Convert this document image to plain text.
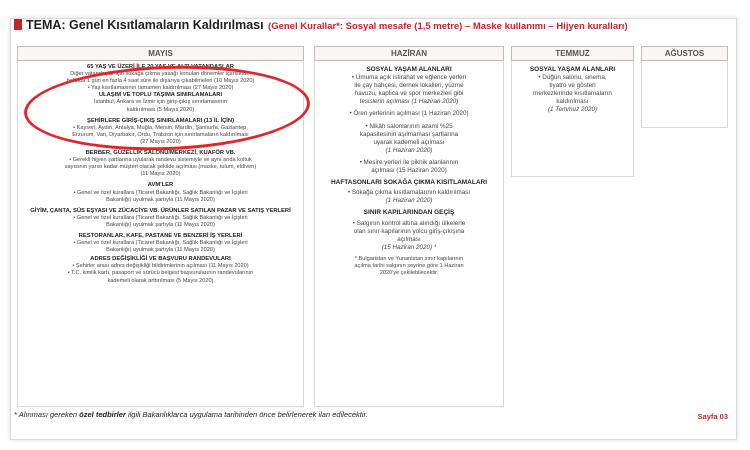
TEMA: Genel Kısıtlamaların Kaldırılması (Genel Kurallar*: Sosyal mesafe (1,5 metre) – Maske kullanımı – Hijyen kuralları)
MAYIS
65 YAŞ VE ÜZERİ İLE 20 YAŞ VE ALTI VATANDAŞLAR
Diğer vatandaşlar için sokağa çıkma yasağı konulan dönemler içerisinde,
haftada 1 gün en fazla 4 saat süre ile dışarıya çıkabilmeleri (10 Mayıs 2020)
• Yaş kısıtlamasının tamamen kaldırılması (27 Mayıs 2020)
ULAŞIM VE TOPLU TAŞIMA SINIRLAMALARI
İstanbul, Ankara ve İzmir için giriş-çıkış sınırlamasının
kaldırılması (5 Mayıs 2020)
ŞEHİRLERE GİRİŞ-ÇIKIŞ SINIRLAMALARI (13 İL İÇİN)
• Kayseri, Aydın, Antalya, Muğla, Mersin, Mardin, Şanlıurfa, Gaziantep,
Erzurum, Van, Diyarbakır, Ordu, Trabzon için sınırlamaların kaldırılması
(27 Mayıs 2020)
BERBER, GÜZELLİK SALONU/MERKEZİ, KUAFÖR VB.
• Gerekli hijyen şartlarına uyularak randevu sistemiyle ve aynı anda koltuk
sayısının yarısı kadar müşteri olacak şekilde açılması (maske, tulum, eldiven)
(11 Mayıs 2020)
AVM'LER
• Genel ve özel kurallara (Ticaret Bakanlığı, Sağlık Bakanlığı ve İçişleri
Bakanlığı) uyulmak şartıyla (11 Mayıs 2020)
GİYİM, ÇANTA, SÜS EŞYASI VE ZÜCACİYE VB. ÜRÜNLER SATILAN PAZAR VE SATIŞ YERLERİ
• Genel ve özel kurallara (Ticaret Bakanlığı, Sağlık Bakanlığı ve İçişleri
Bakanlığı) uyulmak şartıyla (11 Mayıs 2020)
RESTORANLAR, KAFE, PASTANE VE BENZERİ İŞ YERLERİ
• Genel ve özel kurallara (Ticaret Bakanlığı, Sağlık Bakanlığı ve İçişleri
Bakanlığı) uyulmak şartıyla (11 Mayıs 2020)
ADRES DEĞİŞİKLİĞİ VE BAŞVURU RANDEVULARI
• Şehirler arası adres değişikliği bildirimlerinin açılması (11 Mayıs 2020)
• T.C. kimlik kartı, pasaport ve sürücü belgesi başvurularının randevularının
kademeli olarak arttırılması (5 Mayıs 2020)
HAZİRAN
SOSYAL YAŞAM ALANLARI
• Umuma açık istirahat ve eğlence yerleri
ile çay bahçesi, dernek lokalleri, yüzme
havuzu, kaplıca ve spor merkezleri gibi
tesislerin açılması (1 Haziran 2020)
• Ören yerlerinin açılması (1 Haziran 2020)
• Nikâh salonlarının azami %25
kapasitesinin aşılmaması şartlarına
uyarak kademeli açılması
(1 Haziran 2020)
• Mesire yerleri ile piknik alanlarının
açılması (15 Haziran 2020)
HAFTASONLARI SOKAĞA ÇIKMA KISITLAMALARI
• Sokağa çıkma kısıtlamalarının kaldırılması
(1 Haziran 2020)
SINIR KAPILARINDAN GEÇİŞ
• Salgının kontrol altına alındığı ülkelerle
olan sınır kapılarının yolcu giriş-çıkışına
açılması
(15 Haziran 2020) *
* Bulgaristan ve Yunanistan sınır kapılarının
açılma tarihi salgının seyrine göre 1 Haziran
2020'ye çekilebilecektir.
TEMMUZ
SOSYAL YAŞAM ALANLARI
• Düğün salonu, sinema,
tiyatro ve gösteri
merkezlerinde kısıtlamaların
kaldırılması
(1 Temmuz 2020)
AĞUSTOS
* Alınması gereken özel tedbirler ilgili Bakanlıklarca uygulama tarihinden önce belirlenerek ilan edilecektir.	Sayfa 03
